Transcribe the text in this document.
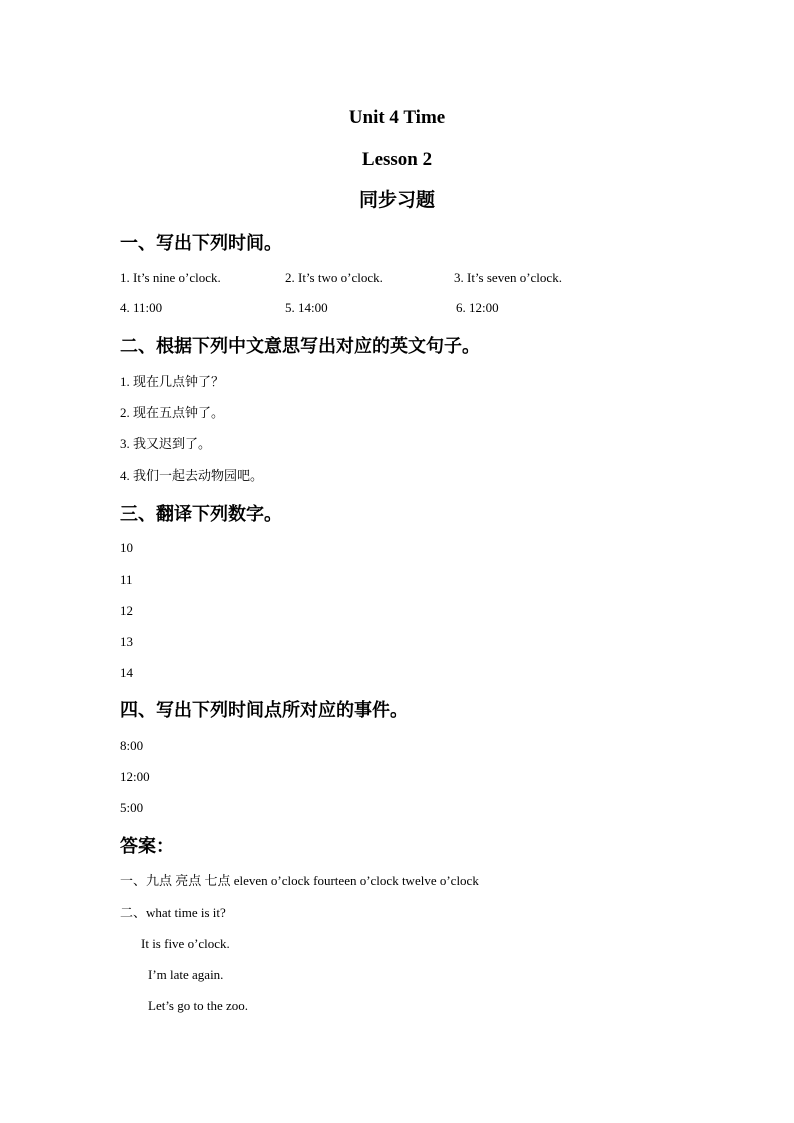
Unit 4 Time
Lesson 2
同步习题
一、写出下列时间。
1. It’s nine o’clock.	2. It’s two o’clock.	3. It’s seven o’clock.
4. 11:00	5. 14:00	6. 12:00
二、根据下列中文意思写出对应的英文句子。
1. 现在几点钟了？
2. 现在五点钟了。
3. 我又迟到了。
4. 我们一起去动物园吧。
三、翻译下列数字。
10
11
12
13
14
四、写出下列时间点所对应的事件。
8:00
12:00
5:00
答案：
一、九点 亮点 七点 eleven o’clock fourteen o’clock twelve o’clock
二、what time is it?
It is five o’clock.
I’m late again.
Let’s go to the zoo.
